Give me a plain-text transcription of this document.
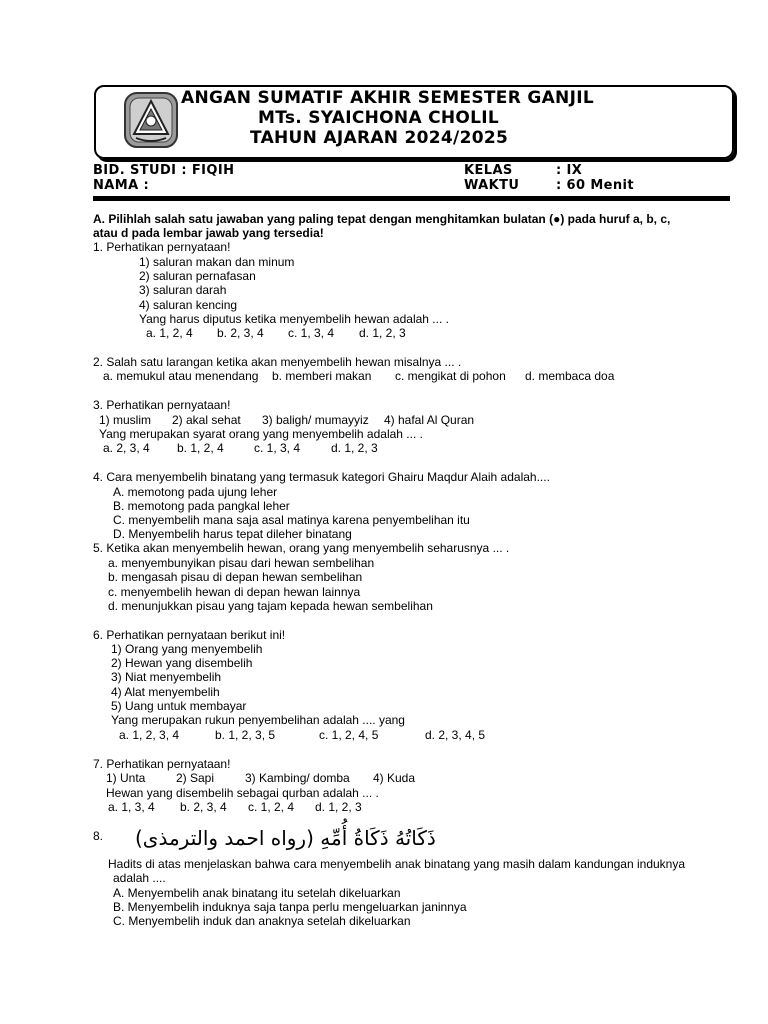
ANGAN SUMATIF AKHIR SEMESTER GANJIL
MTs. SYAICHONA CHOLIL
TAHUN AJARAN 2024/2025
BID. STUDI : FIQIH
NAMA :
KELAS	: IX
WAKTU	: 60 Menit
A. Pilihlah salah satu jawaban yang paling tepat dengan menghitamkan bulatan (●) pada huruf a, b, c,
atau d pada lembar jawab yang tersedia!
1. Perhatikan pernyataan!
1) saluran makan dan minum
2) saluran pernafasan
3) saluran darah
4) saluran kencing
Yang harus diputus ketika menyembelih hewan adalah ... .
a. 1, 2, 4 b. 2, 3, 4 c. 1, 3, 4 d. 1, 2, 3
2. Salah satu larangan ketika akan menyembelih hewan misalnya ... .
a. memukul atau menendang b. memberi makan c. mengikat di pohon d. membaca doa
3. Perhatikan pernyataan!
1) muslim 2) akal sehat 3) baligh/ mumayyiz 4) hafal Al Quran
Yang merupakan syarat orang yang menyembelih adalah ... .
a. 2, 3, 4 b. 1, 2, 4	c. 1, 3, 4	d. 1, 2, 3
4. Cara menyembelih binatang yang termasuk kategori Ghairu Maqdur Alaih adalah....
A. memotong pada ujung leher
B. memotong pada pangkal leher
C. menyembelih mana saja asal matinya karena penyembelihan itu
D. Menyembelih harus tepat dileher binatang
5. Ketika akan menyembelih hewan, orang yang menyembelih seharusnya ... .
a. menyembunyikan pisau dari hewan sembelihan
b. mengasah pisau di depan hewan sembelihan
c. menyembelih hewan di depan hewan lainnya
d. menunjukkan pisau yang tajam kepada hewan sembelihan
6. Perhatikan pernyataan berikut ini!
1) Orang yang menyembelih
2) Hewan yang disembelih
3) Niat menyembelih
4) Alat menyembelih
5) Uang untuk membayar
Yang merupakan rukun penyembelihan adalah .... yang
a. 1, 2, 3, 4	b. 1, 2, 3, 5	c. 1, 2, 4, 5	d. 2, 3, 4, 5
7. Perhatikan pernyataan!
1) Unta	2) Sapi	3) Kambing/ domba 4) Kuda
Hewan yang disembelih sebagai qurban adalah ... .
a. 1, 3, 4 b. 2, 3, 4 c. 1, 2, 4 d. 1, 2, 3
8. ذَكَاتُهُ ذَكَاةُ أُمِّهِ (رواه احمد والترمذى)
Hadits di atas menjelaskan bahwa cara menyembelih anak binatang yang masih dalam kandungan induknya
adalah ....
A. Menyembelih anak binatang itu setelah dikeluarkan
B. Menyembelih induknya saja tanpa perlu mengeluarkan janinnya
C. Menyembelih induk dan anaknya setelah dikeluarkan
